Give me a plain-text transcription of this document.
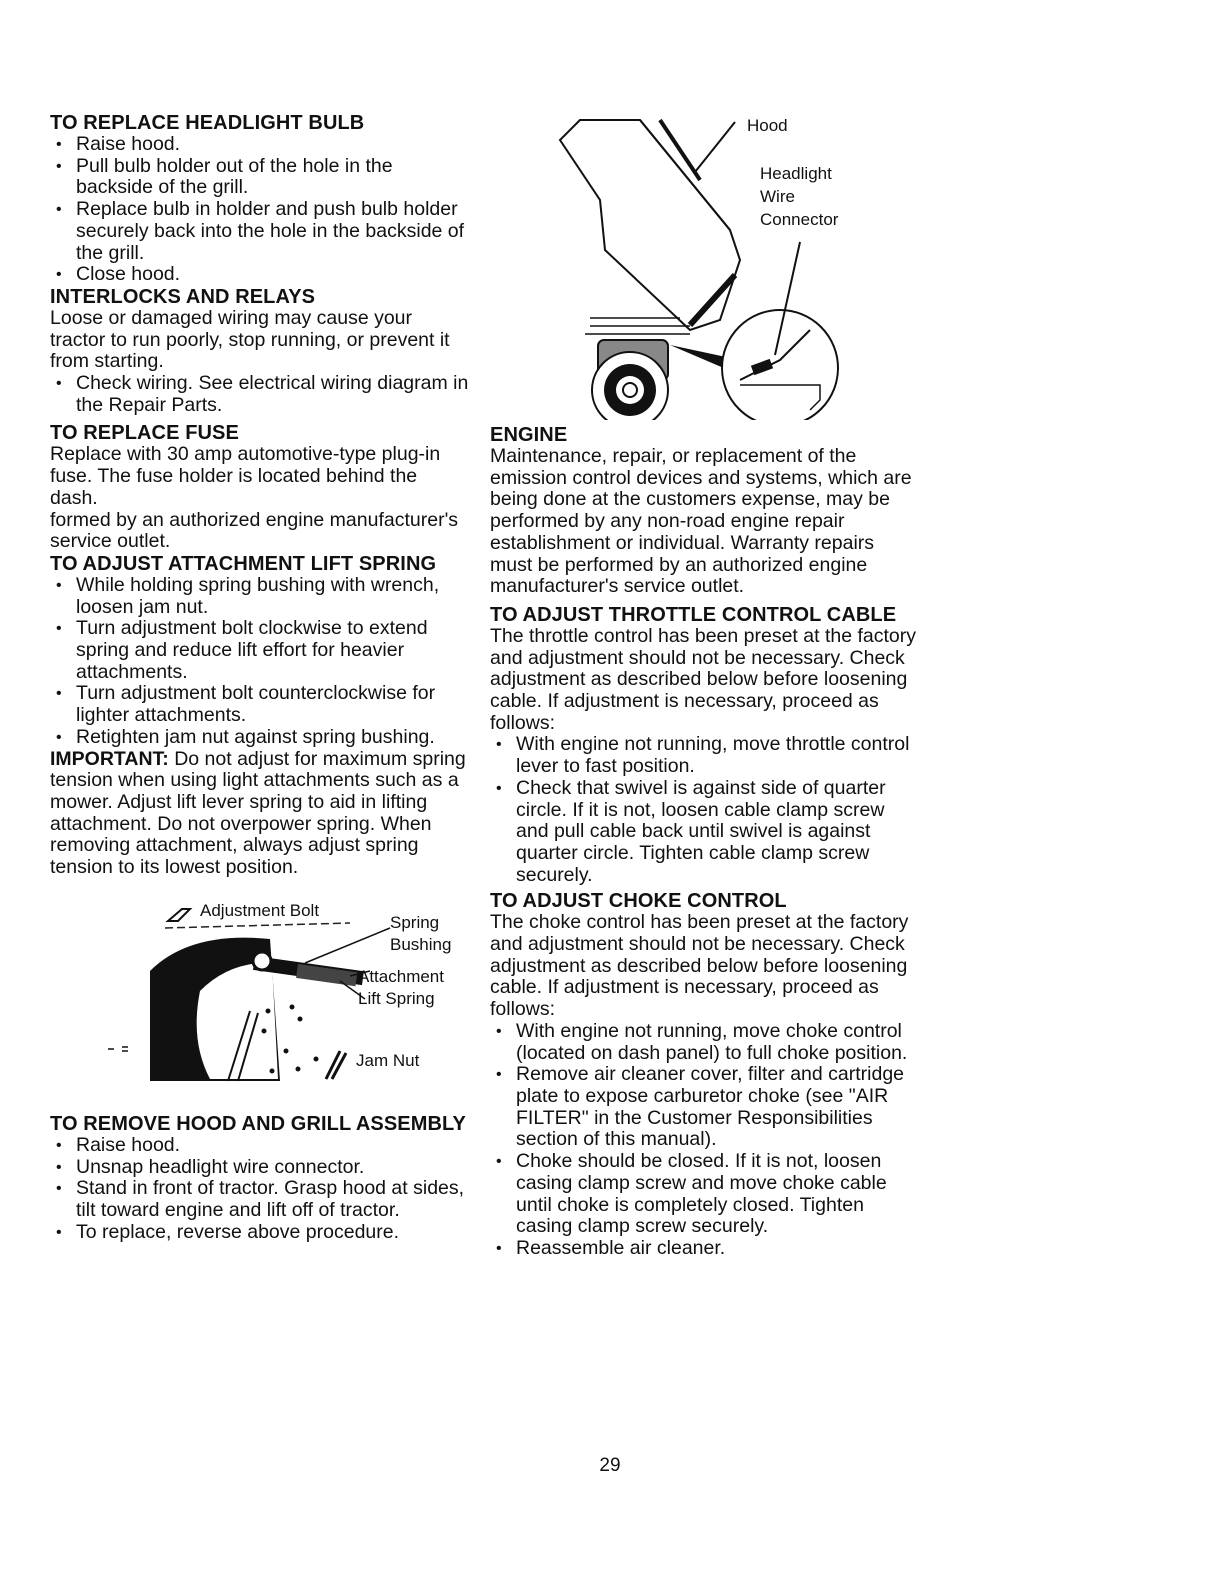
TO REPLACE HEADLIGHT BULB
• Raise hood.
• Pull bulb holder out of the hole in the backside of the grill.
• Replace bulb in holder and push bulb holder securely back into the hole in the backside of the grill.
• Close hood.
INTERLOCKS AND RELAYS

Loose or damaged wiring may cause your tractor to run poorly, stop running, or prevent it from starting.

• Check wiring. See electrical wiring diagram in the Repair Parts.
TO REPLACE FUSE

Replace with 30 amp automotive-type plug-in fuse. The fuse holder is located behind the dash.

formed by an authorized engine manufacturer's service outlet.

TO ADJUST ATTACHMENT LIFT SPRING
• While holding spring bushing with wrench, loosen jam nut.
• Turn adjustment bolt clockwise to extend spring and reduce lift effort for heavier attachments.
• Turn adjustment bolt counterclockwise for lighter attachments.
• Retighten jam nut against spring bushing.

IMPORTANT: Do not adjust for maximum spring tension when using light attachments such as a mower. Adjust lift lever spring to aid in lifting attachment. Do not overpower spring. When removing attachment, always adjust spring tension to its lowest position.

Adjustment Bolt
Spring
Bushing
Attachment
Lift Spring
Jam Nut
TO REMOVE HOOD AND GRILL ASSEMBLY
• Raise hood.
• Unsnap headlight wire connector.
• Stand in front of tractor. Grasp hood at sides, tilt toward engine and lift off of tractor.
• To replace, reverse above procedure.
Hood
Headlight
Wire
Connector
ENGINE

Maintenance, repair, or replacement of the emission control devices and systems, which are being done at the customers expense, may be performed by any non-road engine repair establishment or individual. Warranty repairs must be performed by an authorized engine manufacturer's service outlet.

TO ADJUST THROTTLE CONTROL CABLE

The throttle control has been preset at the factory and adjustment should not be necessary. Check adjustment as described below before loosening cable. If adjustment is necessary, proceed as follows:

• With engine not running, move throttle control lever to fast position.
• Check that swivel is against side of quarter circle. If it is not, loosen cable clamp screw and pull cable back until swivel is against quarter circle. Tighten cable clamp screw securely.
TO ADJUST CHOKE CONTROL

The choke control has been preset at the factory and adjustment should not be necessary. Check adjustment as described below before loosening cable. If adjustment is necessary, proceed as follows:

• With engine not running, move choke control (located on dash panel) to full choke position.
• Remove air cleaner cover, filter and cartridge plate to expose carburetor choke (see "AIR FILTER" in the Customer Responsibilities section of this manual).
• Choke should be closed. If it is not, loosen casing clamp screw and move choke cable until choke is completely closed. Tighten casing clamp screw securely.
• Reassemble air cleaner.
29
